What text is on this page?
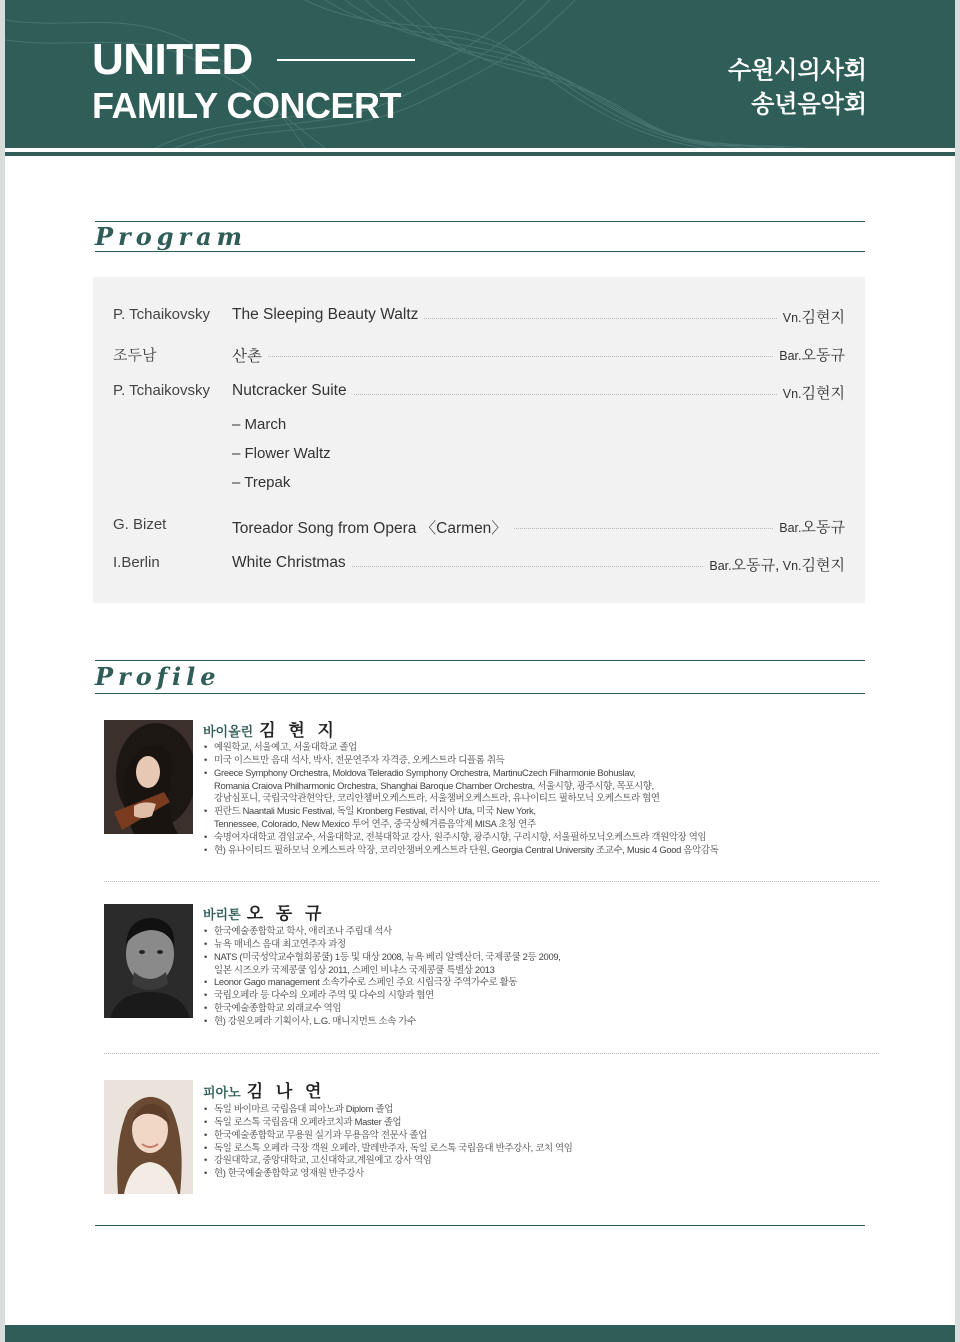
UNITED
FAMILY CONCERT
수원시의사회
송년음악회
Program
P. Tchaikovsky The Sleeping Beauty Waltz	Vn.김현지
조두남	산촌	Bar.오동규
P. Tchaikovsky Nutcracker Suite	Vn.김현지
– March
– Flower Waltz
– Trepak
G. Bizet	Toreador Song from Opera 〈Carmen〉	Bar.오동규
I.Berlin	White Christmas	Bar.오동규, Vn.김현지
Profile
바이올린 김 현 지
• 예원학교, 서울예고, 서울대학교 졸업
• 미국 이스트만 음대 석사, 박사, 전문연주자 자격증, 오케스트라 디플롬 취득
• Greece Symphony Orchestra, Moldova Teleradio Symphony Orchestra, MartinuCzech Filharmonie Bohuslav,
Romania Craiova Philharmonic Orchestra, Shanghai Baroque Chamber Orchestra, 서울시향, 광주시향, 목포시향,
강남심포니, 국립국악관현악단, 코리안챔버오케스트라, 서울챔버오케스트라, 유나이티드 필하모닉 오케스트라 협연
• 핀란드 Naantali Music Festival, 독일 Kronberg Festival, 러시아 Ufa, 미국 New York,
Tennessee, Colorado, New Mexico 투어 연주, 중국상해겨름음악제 MISA 초청 연주
• 숙명여자대학교 겸임교수, 서울대학교, 전북대학교 강사, 원주시향, 광주시향, 구리시향, 서울필하모닉오케스트라 객원악장 역임
• 현) 유나이티드 필하모닉 오케스트라 악장, 코리안챔버오케스트라 단원, Georgia Central University 조교수, Music 4 Good 음악감독
바리톤 오 동 규
• 한국예술종합학교 학사, 애리조나 주립대 석사
• 뉴욕 매네스 음대 최고연주자 과정
• NATS (미국성악교수협회콩쿨) 1등 및 대상 2008, 뉴욕 베리 알렉산더, 국제콩쿨 2등 2009,
일본 시즈오카 국제콩쿨 입상 2011, 스페인 비냐스 국제콩쿨 특별상 2013
• Leonor Gago management 소속가수로 스페인 주요 시립극장 주역가수로 활동
• 국립오페라 등 다수의 오페라 주역 및 다수의 시향과 협연
• 한국예술종합학교 외래교수 역임
• 현) 강원오페라 기획이사, L.G. 매니지먼트 소속 가수
피아노 김 나 연
• 독일 바이마르 국립음대 피아노과 Diplom 졸업
• 독일 로스톡 국립음대 오페라코치과 Master 졸업
• 한국예술종합학교 무용원 실기과 무용음악 전문사 졸업
• 독일 로스톡 오페라 극장 객원 오페라, 발레반주자, 독일 로스톡 국립음대 반주강사, 코치 역임
• 강원대학교, 중앙대학교, 고신대학교,계원예고 강사 역임
• 현) 한국예술종합학교 영재원 반주강사
